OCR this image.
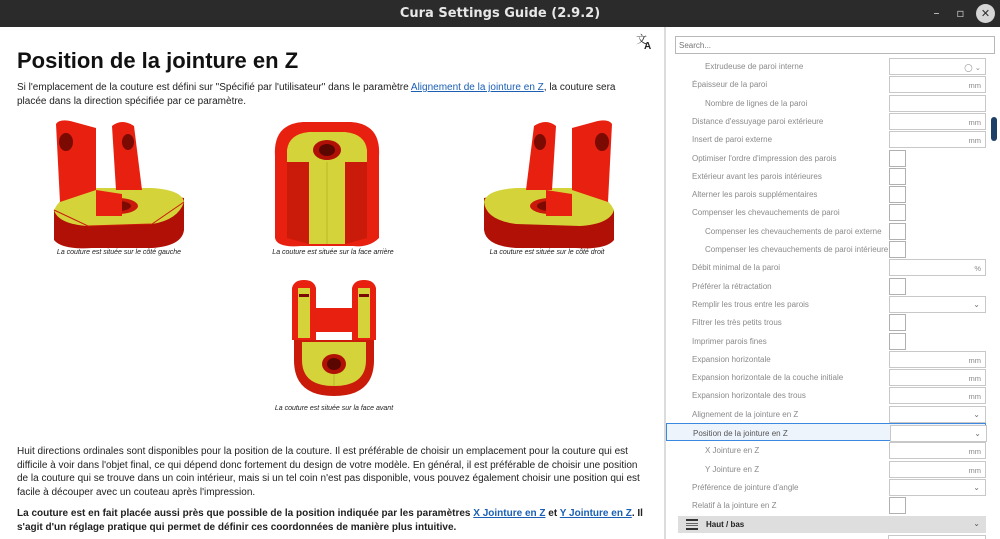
Cura Settings Guide (2.9.2)	–	▫	✕
Position de la jointure en Z
文
A

Si l'emplacement de la couture est défini sur "Spécifié par l'utilisateur" dans le paramètre Alignement de la jointure en Z, la couture sera placée dans la direction spécifiée par ce paramètre.

La couture est située sur le côté gauche	La couture est située sur la face arrière	La couture est située sur le côté droit
La couture est située sur la face avant

Huit directions ordinales sont disponibles pour la position de la couture. Il est préférable de choisir un emplacement pour la couture qui est difficile à voir dans l'objet final, ce qui dépend donc fortement du design de votre modèle. En général, il est préférable de choisir une position de la couture qui se trouve dans un coin intérieur, mais si un tel coin n'est pas disponible, vous pouvez également choisir une position qui est facile à découper avec un couteau après l'impression.

La couture est en fait placée aussi près que possible de la position indiquée par les paramètres X Jointure en Z et Y Jointure en Z. Il s'agit d'un réglage pratique qui permet de définir ces coordonnées de manière plus intuitive.

Search...
Extrudeuse de paroi interne	◯ ⌄
Épaisseur de la paroi	mm
Nombre de lignes de la paroi
Distance d'essuyage paroi extérieure	mm
Insert de paroi externe	mm
Optimiser l'ordre d'impression des parois
Extérieur avant les parois intérieures
Alterner les parois supplémentaires
Compenser les chevauchements de paroi
Compenser les chevauchements de paroi externe
Compenser les chevauchements de paroi intérieure
Débit minimal de la paroi	%
Préférer la rétractation
Remplir les trous entre les parois	⌄
Filtrer les très petits trous
Imprimer parois fines
Expansion horizontale	mm
Expansion horizontale de la couche initiale	mm
Expansion horizontale des trous	mm
Alignement de la jointure en Z	⌄
Position de la jointure en Z	⌄
X Jointure en Z	mm
Y Jointure en Z	mm
Préférence de jointure d'angle	⌄
Relatif à la jointure en Z
Haut / bas	⌄
